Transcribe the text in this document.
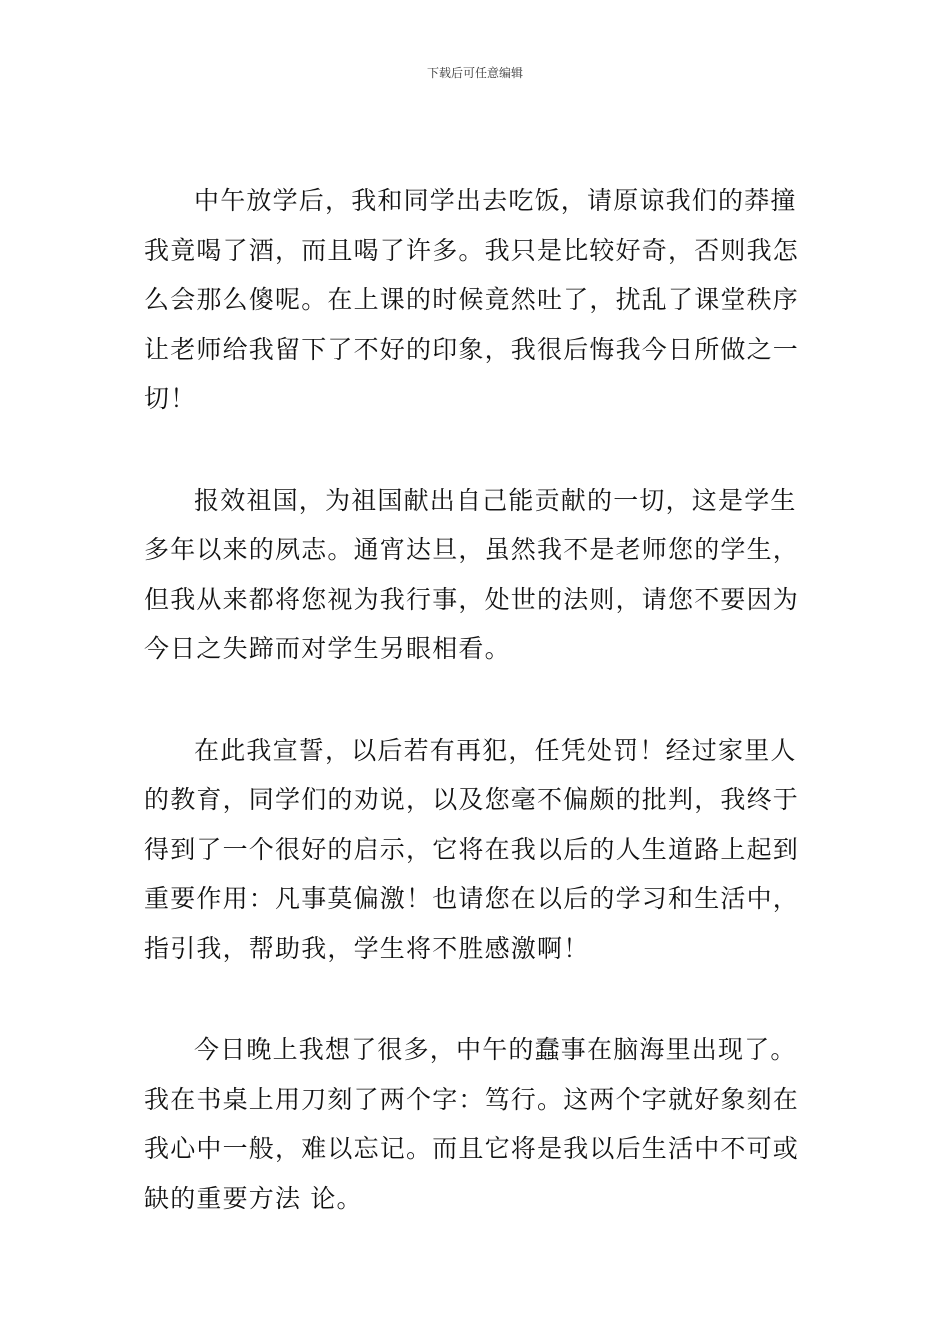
下载后可任意编辑

中午放学后，我和同学出去吃饭，请原谅我们的莽撞我竟喝了酒，而且喝了许多。我只是比较好奇，否则我怎么会那么傻呢。在上课的时候竟然吐了，扰乱了课堂秩序让老师给我留下了不好的印象，我很后悔我今日所做之一切！

报效祖国，为祖国献出自己能贡献的一切，这是学生多年以来的夙志。通宵达旦，虽然我不是老师您的学生，但我从来都将您视为我行事，处世的法则，请您不要因为今日之失蹄而对学生另眼相看。

在此我宣誓，以后若有再犯，任凭处罚！经过家里人的教育，同学们的劝说，以及您毫不偏颇的批判，我终于得到了一个很好的启示，它将在我以后的人生道路上起到重要作用：凡事莫偏激！也请您在以后的学习和生活中，指引我，帮助我，学生将不胜感激啊！

今日晚上我想了很多，中午的蠢事在脑海里出现了。我在书桌上用刀刻了两个字：笃行。这两个字就好象刻在我心中一般，难以忘记。而且它将是我以后生活中不可或缺的重要方法 论。
